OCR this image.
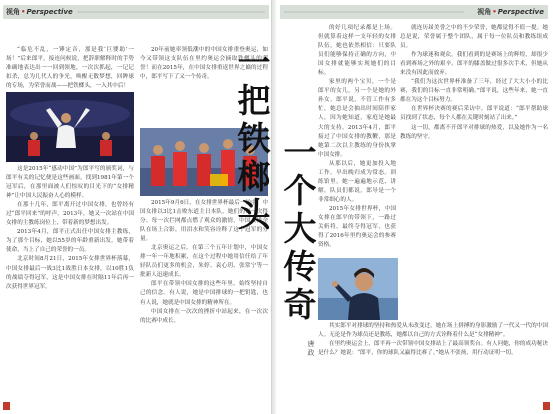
视角•Perspective

“临危不乱，一锤定音，那是我‘巨婴助’一场！”后来郎平，接连问候说，把辞职解释时的手势准确地表达出一一回到领地，一次次抓起，一记记扣杀，总为几代人的争光，唤醒无数梦想，回眸球的专场，为荣誉而战——把铁榔头，一入其中后！

这是2015年“感动中国”为郎平写的颁奖词，与郎平有关的记忆便是这些画面。找到1981年第一个冠军后，在那里面被人们惊叹的目光下的“女排精神”让中国人民振奋人心的模样。

在那十几年，郎平离开过中国女排，也曾经有过“郎平回来”的呼声。2013年，她又一次站在中国女排的主教练岗位上，带着新的梦想出发。

2013年4月，郎平正式出任中国女排主教练，为了那个目标，她以55岁的年龄重新出发。她带着使命，当上了自己的荣誉的一员。

北京时间8月21日，2015年女排世界杯落幕，中国女排最后一战3比1战胜日本女排，以10胜1负的战绩夺得冠军，这是中国女排在时隔11年后再一次获得世界冠军。

20年前她率领低潮中的中国女排重登奥运，如今又带领这支队伍在里约奥运会摘取铁榔头的荣誉！而在2015年，在中国女排重返世界之巅的过程中，郎平写下了又一个传奇。

2015年9月6日，在女排世界杯最后一轮中，中国女排以3比1击败东道主日本队，她们的每一次得分、每一次拦网都点燃了观众的激情，中国女排全队在场上合影，用泪水和笑容诠释了这个冠军的分量。

北京奥运之后，在第三个五年计划中，中国女排一年一年地积累，在这个过程中她用信任给了年轻队员们更多的机会，朱婷、袁心玥、张常宁等一批新人迅速成长。

郎平在带领中国女排的这些年里，始终坚持自己的信念。有人说，她是中国排球的一把钥匙，也有人说，她就是中国女排的精神所在。

中国女排在一次次的挫折中站起来，在一次次的比赛中成长。

视角•Perspective

的好几项纪录都是上场。但就算着这样一支年轻的女排队伍，她也依然相信：只要队员们能够保持正确的方向，中国女排就能够实现她们的目标。

家里的两个宝贝，一个是郎平的女儿，另一个是她的外孙女，郎平说，不管工作有多忙，她总是会抽出时间陪伴家人，因为她知道，家庭是她最大的支持。2013年4月，郎平接过了中国女排的教鞭，那是她第二次以主教练的身份执掌中国女排。

从那以后，她更加投入地工作，早出晚归成为常态。训练馆里，她一遍遍地示范、讲解，队员们都说，郎导是一个非常细心的人。

2015年女排世界杯，中国女排在郎平的带领下，一路过关斩将，最终夺得冠军，也获得了2016年里约奥运会的参赛资格。

就连历届美誉之中的不少荣誉，她都觉得不值一提。她总是说，荣誉属于整个团队，属于每一位队员和教练组成员。

作为球迷和观众，我们看到的是赛场上的辉煌，却很少看到赛场之外的艰辛。郎平的膝盖做过很多次手术，但她从来没有因此而放弃。

“我们为这次世界杯准备了三年，经过了大大小小的比赛，我们的目标一直非常明确。”郎平说，这些年来，她一直都在为这个目标努力。

在世界杯决赛的赛后采访中，郎平说道：“郎平帮助球员找到了状态，每个人都在关键时刻站了出来。”

这一切，都离不开郎平对排球的热爱，以及她作为一名教练的坚守。

其实郎平对排球的坚持和热爱从未改变过，她在场上拼搏的身影激励了一代又一代的中国人。无论是作为球员还是教练，她都以自己的方式诠释着什么是“女排精神”。

在里约奥运会上，郎平再一次带领中国女排站上了最高领奖台。有人问她，你的成功秘诀是什么？她说：“郎平，你的球队又赢得比赛了。”她从不张扬，用行动证明一切。

一
把
铁
榔
头
一
个
大
传
奇
唐
政
